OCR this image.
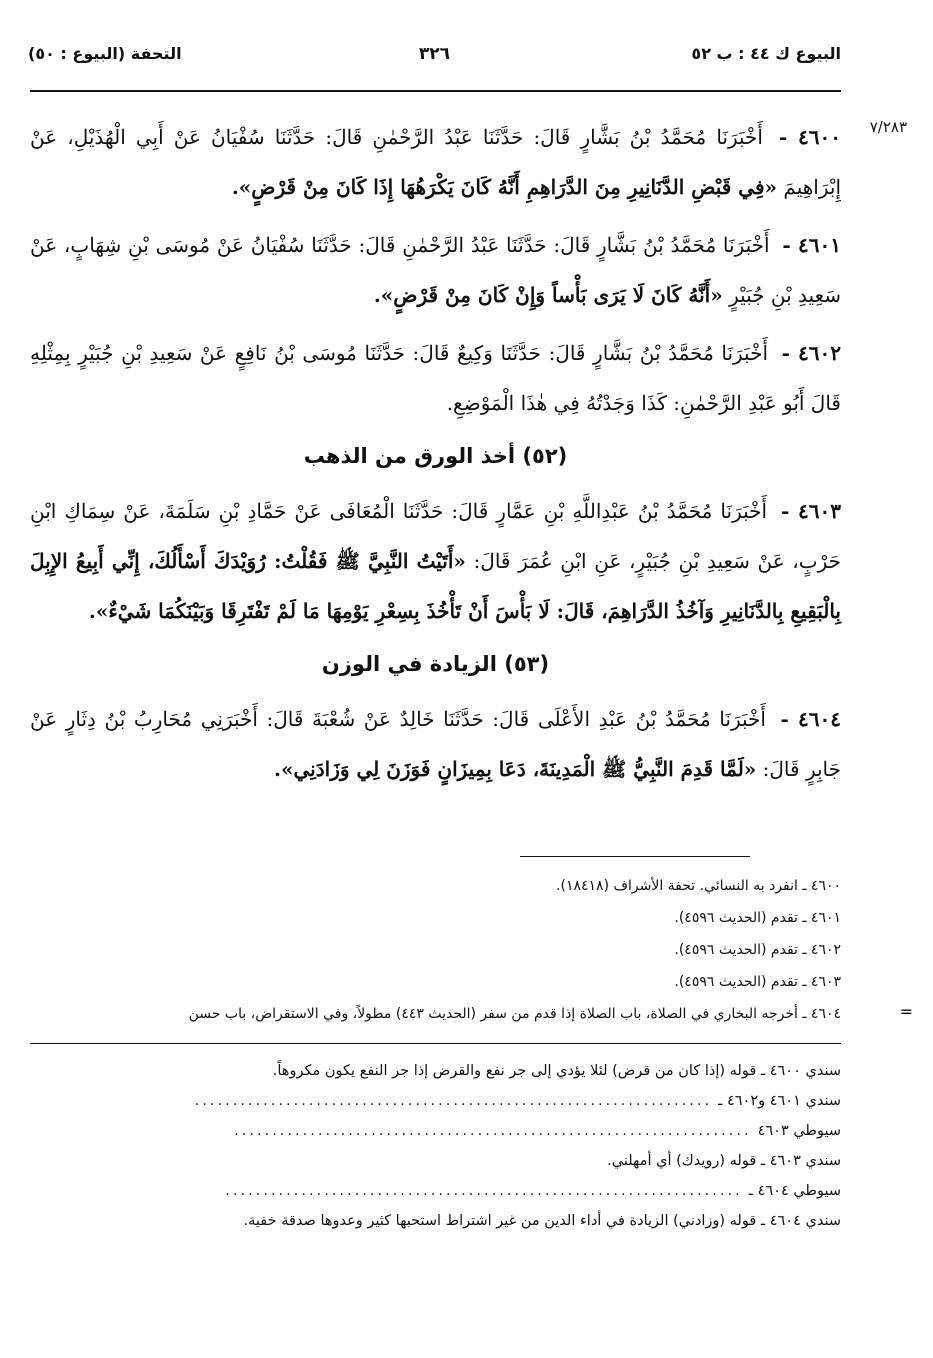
البيوع ك ٤٤ : ب ٥٢
٣٢٦
التحفة (البيوع : ٥٠)
٧/٢٨٣
=

٤٦٠٠ - أَخْبَرَنَا مُحَمَّدُ بْنُ بَشَّارٍ قَالَ: حَدَّثَنَا عَبْدُ الرَّحْمٰنِ قَالَ: حَدَّثَنَا سُفْيَانُ عَنْ أَبِي الْهُذَيْلِ، عَنْ إِبْرَاهِيمَ «فِي قَبْضِ الدَّنَانِيرِ مِنَ الدَّرَاهِمِ أَنَّهُ كَانَ يَكْرَهُهَا إِذَا كَانَ مِنْ قَرْضٍ».

٤٦٠١ - أَخْبَرَنَا مُحَمَّدُ بْنُ بَشَّارٍ قَالَ: حَدَّثَنَا عَبْدُ الرَّحْمٰنِ قَالَ: حَدَّثَنَا سُفْيَانُ عَنْ مُوسَى بْنِ شِهَابٍ، عَنْ سَعِيدِ بْنِ جُبَيْرٍ «أَنَّهُ كَانَ لَا يَرَى بَأْساً وَإِنْ كَانَ مِنْ قَرْضٍ».

٤٦٠٢ - أَخْبَرَنَا مُحَمَّدُ بْنُ بَشَّارٍ قَالَ: حَدَّثَنَا وَكِيعٌ قَالَ: حَدَّثَنَا مُوسَى بْنُ نَافِعٍ عَنْ سَعِيدِ بْنِ جُبَيْرٍ بِمِثْلِهِ قَالَ أَبُو عَبْدِ الرَّحْمٰنِ: كَذَا وَجَدْتُهُ فِي هٰذَا الْمَوْضِعِ.

(٥٢) أخذ الورق من الذهب

٤٦٠٣ - أَخْبَرَنَا مُحَمَّدُ بْنُ عَبْدِاللَّهِ بْنِ عَمَّارٍ قَالَ: حَدَّثَنَا الْمُعَافَى عَنْ حَمَّادِ بْنِ سَلَمَةَ، عَنْ سِمَاكِ ابْنِ حَرْبٍ، عَنْ سَعِيدِ بْنِ جُبَيْرٍ، عَنِ ابْنِ عُمَرَ قَالَ: «أَتَيْتُ النَّبِيَّ ﷺ فَقُلْتُ: رُوَيْدَكَ أَسْأَلُكَ، إِنِّي أَبِيعُ الإِبِلَ بِالْبَقِيعِ بِالدَّنَانِيرِ وَآخُذُ الدَّرَاهِمَ، قَالَ: لَا بَأْسَ أَنْ تَأْخُذَ بِسِعْرِ يَوْمِهَا مَا لَمْ تَفْتَرِقَا وَبَيْنَكُمَا شَيْءٌ».

(٥٣) الزيادة في الوزن

٤٦٠٤ - أَخْبَرَنَا مُحَمَّدُ بْنُ عَبْدِ الأَعْلَى قَالَ: حَدَّثَنَا خَالِدٌ عَنْ شُعْبَةَ قَالَ: أَخْبَرَنِي مُحَارِبُ بْنُ دِثَارٍ عَنْ جَابِرٍ قَالَ: «لَمَّا قَدِمَ النَّبِيُّ ﷺ الْمَدِينَةَ، دَعَا بِمِيزَانٍ فَوَزَنَ لِي وَزَادَنِي».

٤٦٠٠ ـ انفرد به النسائي. تحفة الأشراف (١٨٤١٨).
٤٦٠١ ـ تقدم (الحديث ٤٥٩٦).
٤٦٠٢ ـ تقدم (الحديث ٤٥٩٦).
٤٦٠٣ ـ تقدم (الحديث ٤٥٩٦).
٤٦٠٤ ـ أخرجه البخاري في الصلاة، باب الصلاة إذا قدم من سفر (الحديث ٤٤٣) مطولاً، وفي الاستقراض، باب حسن
سندي ٤٦٠٠ ـ قوله (إذا كان من قرض) لئلا يؤدي إلى جر نفع والقرض إذا جر النفع يكون مكروهاً.
سندي ٤٦٠١ و٤٦٠٢ ـ
....................................................................
سيوطي ٤٦٠٣
....................................................................
سندي ٤٦٠٣ ـ قوله (رويدك) أي أمهلني.
سيوطي ٤٦٠٤ ـ
....................................................................
سندي ٤٦٠٤ ـ قوله (وزادني) الزيادة في أداء الدين من غير اشتراط استحبها كثير وعدوها صدقة خفية.
